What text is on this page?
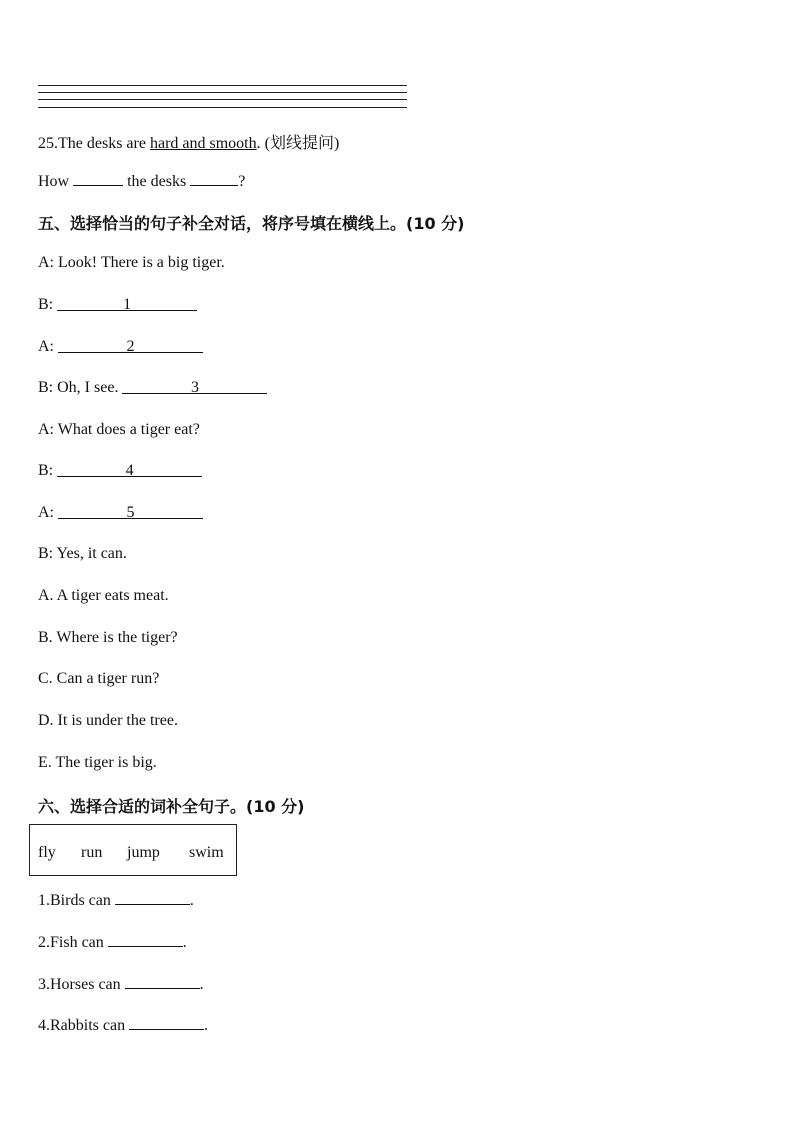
25.The desks are hard and smooth. (划线提问)
How	the desks	?
五、选择恰当的句子补全对话，将序号填在横线上。(10 分)
A: Look! There is a big tiger.
B:	1
A:	2
B: Oh, I see.	3
A: What does a tiger eat?
B:	4
A:	5
B: Yes, it can.
A. A tiger eats meat.
B. Where is the tiger?
C. Can a tiger run?
D. It is under the tree.
E. The tiger is big.
六、选择合适的词补全句子。(10 分)
fly run jump swim
1.Birds can	.
2.Fish can	.
3.Horses can	.
4.Rabbits can	.
